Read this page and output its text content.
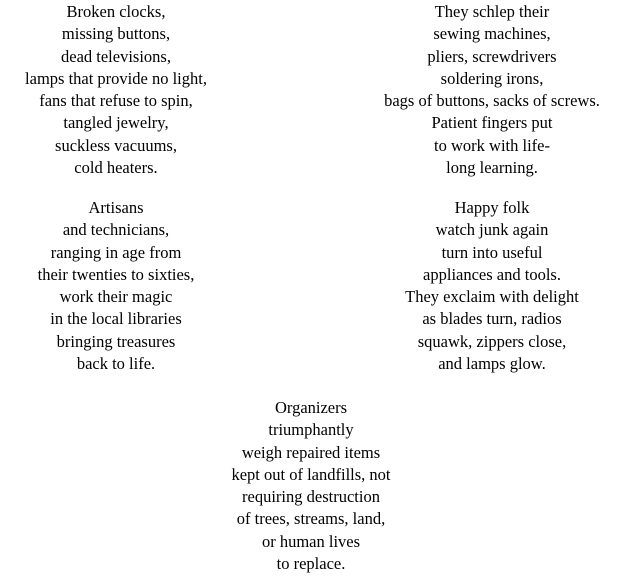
Broken clocks,
missing buttons,
dead televisions,
lamps that provide no light,
fans that refuse to spin,
tangled jewelry,
suckless vacuums,
cold heaters.
They schlep their
sewing machines,
pliers, screwdrivers
soldering irons,
bags of buttons, sacks of screws.
Patient fingers put
to work with life-
long learning.
Artisans
and technicians,
ranging in age from
their twenties to sixties,
work their magic
in the local libraries
bringing treasures
back to life.
Happy folk
watch junk again
turn into useful
appliances and tools.
They exclaim with delight
as blades turn, radios
squawk, zippers close,
and lamps glow.
Organizers
triumphantly
weigh repaired items
kept out of landfills, not
requiring destruction
of trees, streams, land,
or human lives
to replace.
